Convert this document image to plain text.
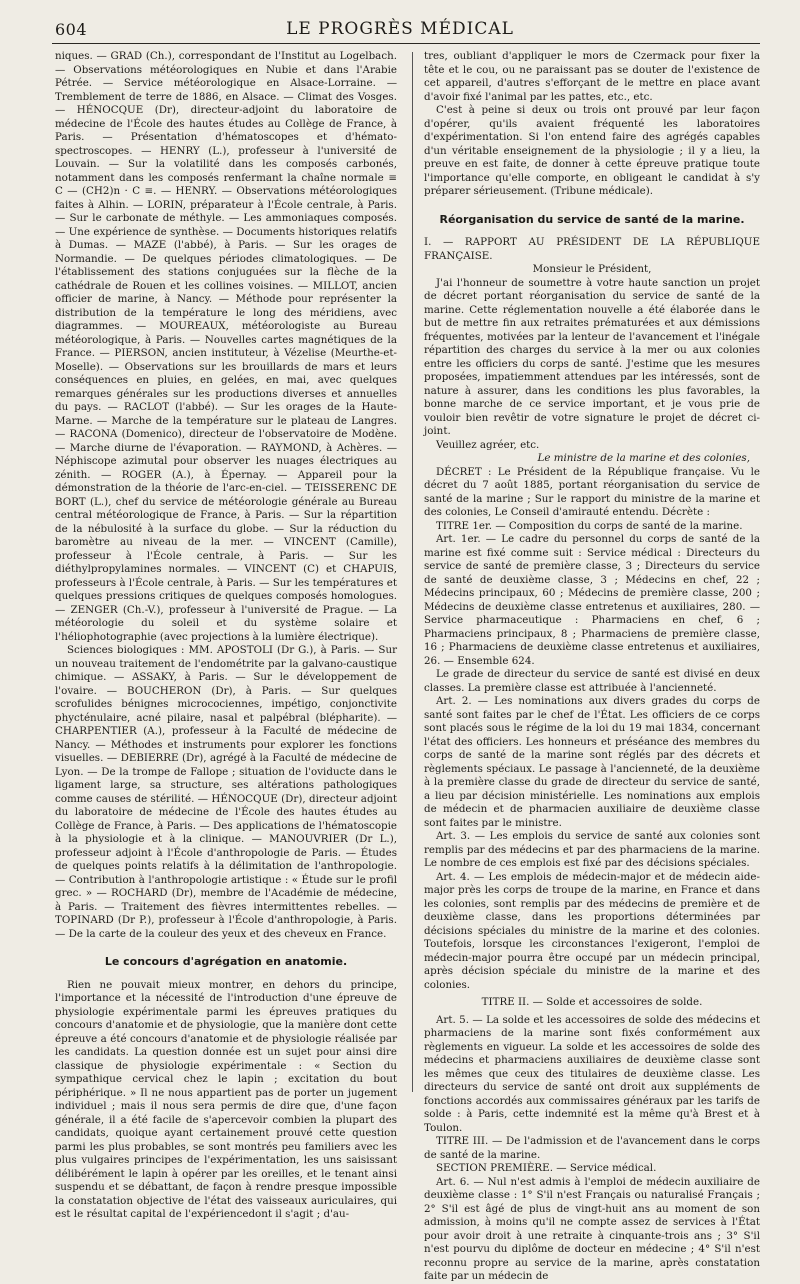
604	LE PROGRÈS MÉDICAL

niques. — GRAD (Ch.), correspondant de l'Institut au Logelbach. — Observations météorologiques en Nubie et dans l'Arabie Pétrée. — Service météorologique en Alsace-Lorraine. — Tremblement de terre de 1886, en Alsace. — Climat des Vosges. — HÉNOCQUE (Dr), directeur-adjoint du laboratoire de médecine de l'École des hautes études au Collège de France, à Paris. — Présentation d'hématoscopes et d'hémato-spectroscopes. — HENRY (L.), professeur à l'université de Louvain. — Sur la volatilité dans les composés carbonés, notamment dans les composés renfermant la chaîne normale ≡ C — (CH2)n · C ≡. — HENRY. — Observations météorologiques faites à Alhin. — LORIN, préparateur à l'École centrale, à Paris. — Sur le carbonate de méthyle. — Les ammoniaques composés. — Une expérience de synthèse. — Documents historiques relatifs à Dumas. — MAZE (l'abbé), à Paris. — Sur les orages de Normandie. — De quelques périodes climatologiques. — De l'établissement des stations conjuguées sur la flèche de la cathédrale de Rouen et les collines voisines. — MILLOT, ancien officier de marine, à Nancy. — Méthode pour représenter la distribution de la température le long des méridiens, avec diagrammes. — MOUREAUX, météorologiste au Bureau météorologique, à Paris. — Nouvelles cartes magnétiques de la France. — PIERSON, ancien instituteur, à Vézelise (Meurthe-et-Moselle). — Observations sur les brouillards de mars et leurs conséquences en pluies, en gelées, en mai, avec quelques remarques générales sur les productions diverses et annuelles du pays. — RACLOT (l'abbé). — Sur les orages de la Haute-Marne. — Marche de la température sur le plateau de Langres. — RACONA (Domenico), directeur de l'observatoire de Modène. — Marche diurne de l'évaporation. — RAYMOND, à Achères. — Néphiscope azimutal pour observer les nuages électriques au zénith. — ROGER (A.), à Épernay. — Appareil pour la démonstration de la théorie de l'arc-en-ciel. — TEISSERENC DE BORT (L.), chef du service de météorologie générale au Bureau central météorologique de France, à Paris. — Sur la répartition de la nébulosité à la surface du globe. — Sur la réduction du baromètre au niveau de la mer. — VINCENT (Camille), professeur à l'École centrale, à Paris. — Sur les diéthylpropylamines normales. — VINCENT (C) et CHAPUIS, professeurs à l'École centrale, à Paris. — Sur les températures et quelques pressions critiques de quelques composés homologues. — ZENGER (Ch.-V.), professeur à l'université de Prague. — La météorologie du soleil et du système solaire et l'héliophotographie (avec projections à la lumière électrique).

Sciences biologiques : MM. APOSTOLI (Dr G.), à Paris. — Sur un nouveau traitement de l'endométrite par la galvano-caustique chimique. — ASSAKY, à Paris. — Sur le développement de l'ovaire. — BOUCHERON (Dr), à Paris. — Sur quelques scrofulides bénignes microcociennes, impétigo, conjonctivite phycténulaire, acné pilaire, nasal et palpébral (blépharite). — CHARPENTIER (A.), professeur à la Faculté de médecine de Nancy. — Méthodes et instruments pour explorer les fonctions visuelles. — DEBIERRE (Dr), agrégé à la Faculté de médecine de Lyon. — De la trompe de Fallope ; situation de l'oviducte dans le ligament large, sa structure, ses altérations pathologiques comme causes de stérilité. — HÉNOCQUE (Dr), directeur adjoint du laboratoire de médecine de l'École des hautes études au Collège de France, à Paris. — Des applications de l'hématoscopie à la physiologie et à la clinique. — MANOUVRIER (Dr L.), professeur adjoint à l'École d'anthropologie de Paris. — Études de quelques points relatifs à la délimitation de l'anthropologie. — Contribution à l'anthropologie artistique : « Étude sur le profil grec. » — ROCHARD (Dr), membre de l'Académie de médecine, à Paris. — Traitement des fièvres intermittentes rebelles. — TOPINARD (Dr P.), professeur à l'École d'anthropologie, à Paris. — De la carte de la couleur des yeux et des cheveux en France.

Le concours d'agrégation en anatomie.

Rien ne pouvait mieux montrer, en dehors du principe, l'importance et la nécessité de l'introduction d'une épreuve de physiologie expérimentale parmi les épreuves pratiques du concours d'anatomie et de physiologie, que la manière dont cette épreuve a été concours d'anatomie et de physiologie réalisée par les candidats. La question donnée est un sujet pour ainsi dire classique de physiologie expérimentale : « Section du sympathique cervical chez le lapin ; excitation du bout périphérique. » Il ne nous appartient pas de porter un jugement individuel ; mais il nous sera permis de dire que, d'une façon générale, il a été facile de s'apercevoir combien la plupart des candidats, quoique ayant certainement prouvé cette question parmi les plus probables, se sont montrés peu familiers avec les plus vulgaires principes de l'expérimentation, les uns saisissant délibérément le lapin à opérer par les oreilles, et le tenant ainsi suspendu et se débattant, de façon à rendre presque impossible la constatation objective de l'état des vaisseaux auriculaires, qui est le résultat capital de l'expériencedont il s'agit ; d'au-

tres, oubliant d'appliquer le mors de Czermack pour fixer la tête et le cou, ou ne paraissant pas se douter de l'existence de cet appareil, d'autres s'efforçant de le mettre en place avant d'avoir fixé l'animal par les pattes, etc., etc.

C'est à peine si deux ou trois ont prouvé par leur façon d'opérer, qu'ils avaient fréquenté les laboratoires d'expérimentation. Si l'on entend faire des agrégés capables d'un véritable enseignement de la physiologie ; il y a lieu, la preuve en est faite, de donner à cette épreuve pratique toute l'importance qu'elle comporte, en obligeant le candidat à s'y préparer sérieusement. (Tribune médicale).

Réorganisation du service de santé de la marine.

I. — RAPPORT AU PRÉSIDENT DE LA RÉPUBLIQUE FRANÇAISE.

Monsieur le Président,

J'ai l'honneur de soumettre à votre haute sanction un projet de décret portant réorganisation du service de santé de la marine. Cette réglementation nouvelle a été élaborée dans le but de mettre fin aux retraites prématurées et aux démissions fréquentes, motivées par la lenteur de l'avancement et l'inégale répartition des charges du service à la mer ou aux colonies entre les officiers du corps de santé. J'estime que les mesures proposées, impatiemment attendues par les intéressés, sont de nature à assurer, dans les conditions les plus favorables, la bonne marche de ce service important, et je vous prie de vouloir bien revêtir de votre signature le projet de décret ci-joint.

Veuillez agréer, etc.

Le ministre de la marine et des colonies,

DÉCRET : Le Président de la République française. Vu le décret du 7 août 1885, portant réorganisation du service de santé de la marine ; Sur le rapport du ministre de la marine et des colonies, Le Conseil d'amirauté entendu. Décrète :

TITRE 1er. — Composition du corps de santé de la marine.

Art. 1er. — Le cadre du personnel du corps de santé de la marine est fixé comme suit : Service médical : Directeurs du service de santé de première classe, 3 ; Directeurs du service de santé de deuxième classe, 3 ; Médecins en chef, 22 ; Médecins principaux, 60 ; Médecins de première classe, 200 ; Médecins de deuxième classe entretenus et auxiliaires, 280. — Service pharmaceutique : Pharmaciens en chef, 6 ; Pharmaciens principaux, 8 ; Pharmaciens de première classe, 16 ; Pharmaciens de deuxième classe entretenus et auxiliaires, 26. — Ensemble 624.

Le grade de directeur du service de santé est divisé en deux classes. La première classe est attribuée à l'ancienneté.

Art. 2. — Les nominations aux divers grades du corps de santé sont faites par le chef de l'État. Les officiers de ce corps sont placés sous le régime de la loi du 19 mai 1834, concernant l'état des officiers. Les honneurs et préséance des membres du corps de santé de la marine sont réglés par des décrets et règlements spéciaux. Le passage à l'ancienneté, de la deuxième à la première classe du grade de directeur du service de santé, a lieu par décision ministérielle. Les nominations aux emplois de médecin et de pharmacien auxiliaire de deuxième classe sont faites par le ministre.

Art. 3. — Les emplois du service de santé aux colonies sont remplis par des médecins et par des pharmaciens de la marine. Le nombre de ces emplois est fixé par des décisions spéciales.

Art. 4. — Les emplois de médecin-major et de médecin aide-major près les corps de troupe de la marine, en France et dans les colonies, sont remplis par des médecins de première et de deuxième classe, dans les proportions déterminées par décisions spéciales du ministre de la marine et des colonies. Toutefois, lorsque les circonstances l'exigeront, l'emploi de médecin-major pourra être occupé par un médecin principal, après décision spéciale du ministre de la marine et des colonies.

TITRE II. — Solde et accessoires de solde.

Art. 5. — La solde et les accessoires de solde des médecins et pharmaciens de la marine sont fixés conformément aux règlements en vigueur. La solde et les accessoires de solde des médecins et pharmaciens auxiliaires de deuxième classe sont les mêmes que ceux des titulaires de deuxième classe. Les directeurs du service de santé ont droit aux suppléments de fonctions accordés aux commissaires généraux par les tarifs de solde : à Paris, cette indemnité est la même qu'à Brest et à Toulon.

TITRE III. — De l'admission et de l'avancement dans le corps de santé de la marine.

SECTION PREMIÈRE. — Service médical.

Art. 6. — Nul n'est admis à l'emploi de médecin auxiliaire de deuxième classe : 1° S'il n'est Français ou naturalisé Français ; 2° S'il est âgé de plus de vingt-huit ans au moment de son admission, à moins qu'il ne compte assez de services à l'État pour avoir droit à une retraite à cinquante-trois ans ; 3° S'il n'est pourvu du diplôme de docteur en médecine ; 4° S'il n'est reconnu propre au service de la marine, après constatation faite par un médecin de
